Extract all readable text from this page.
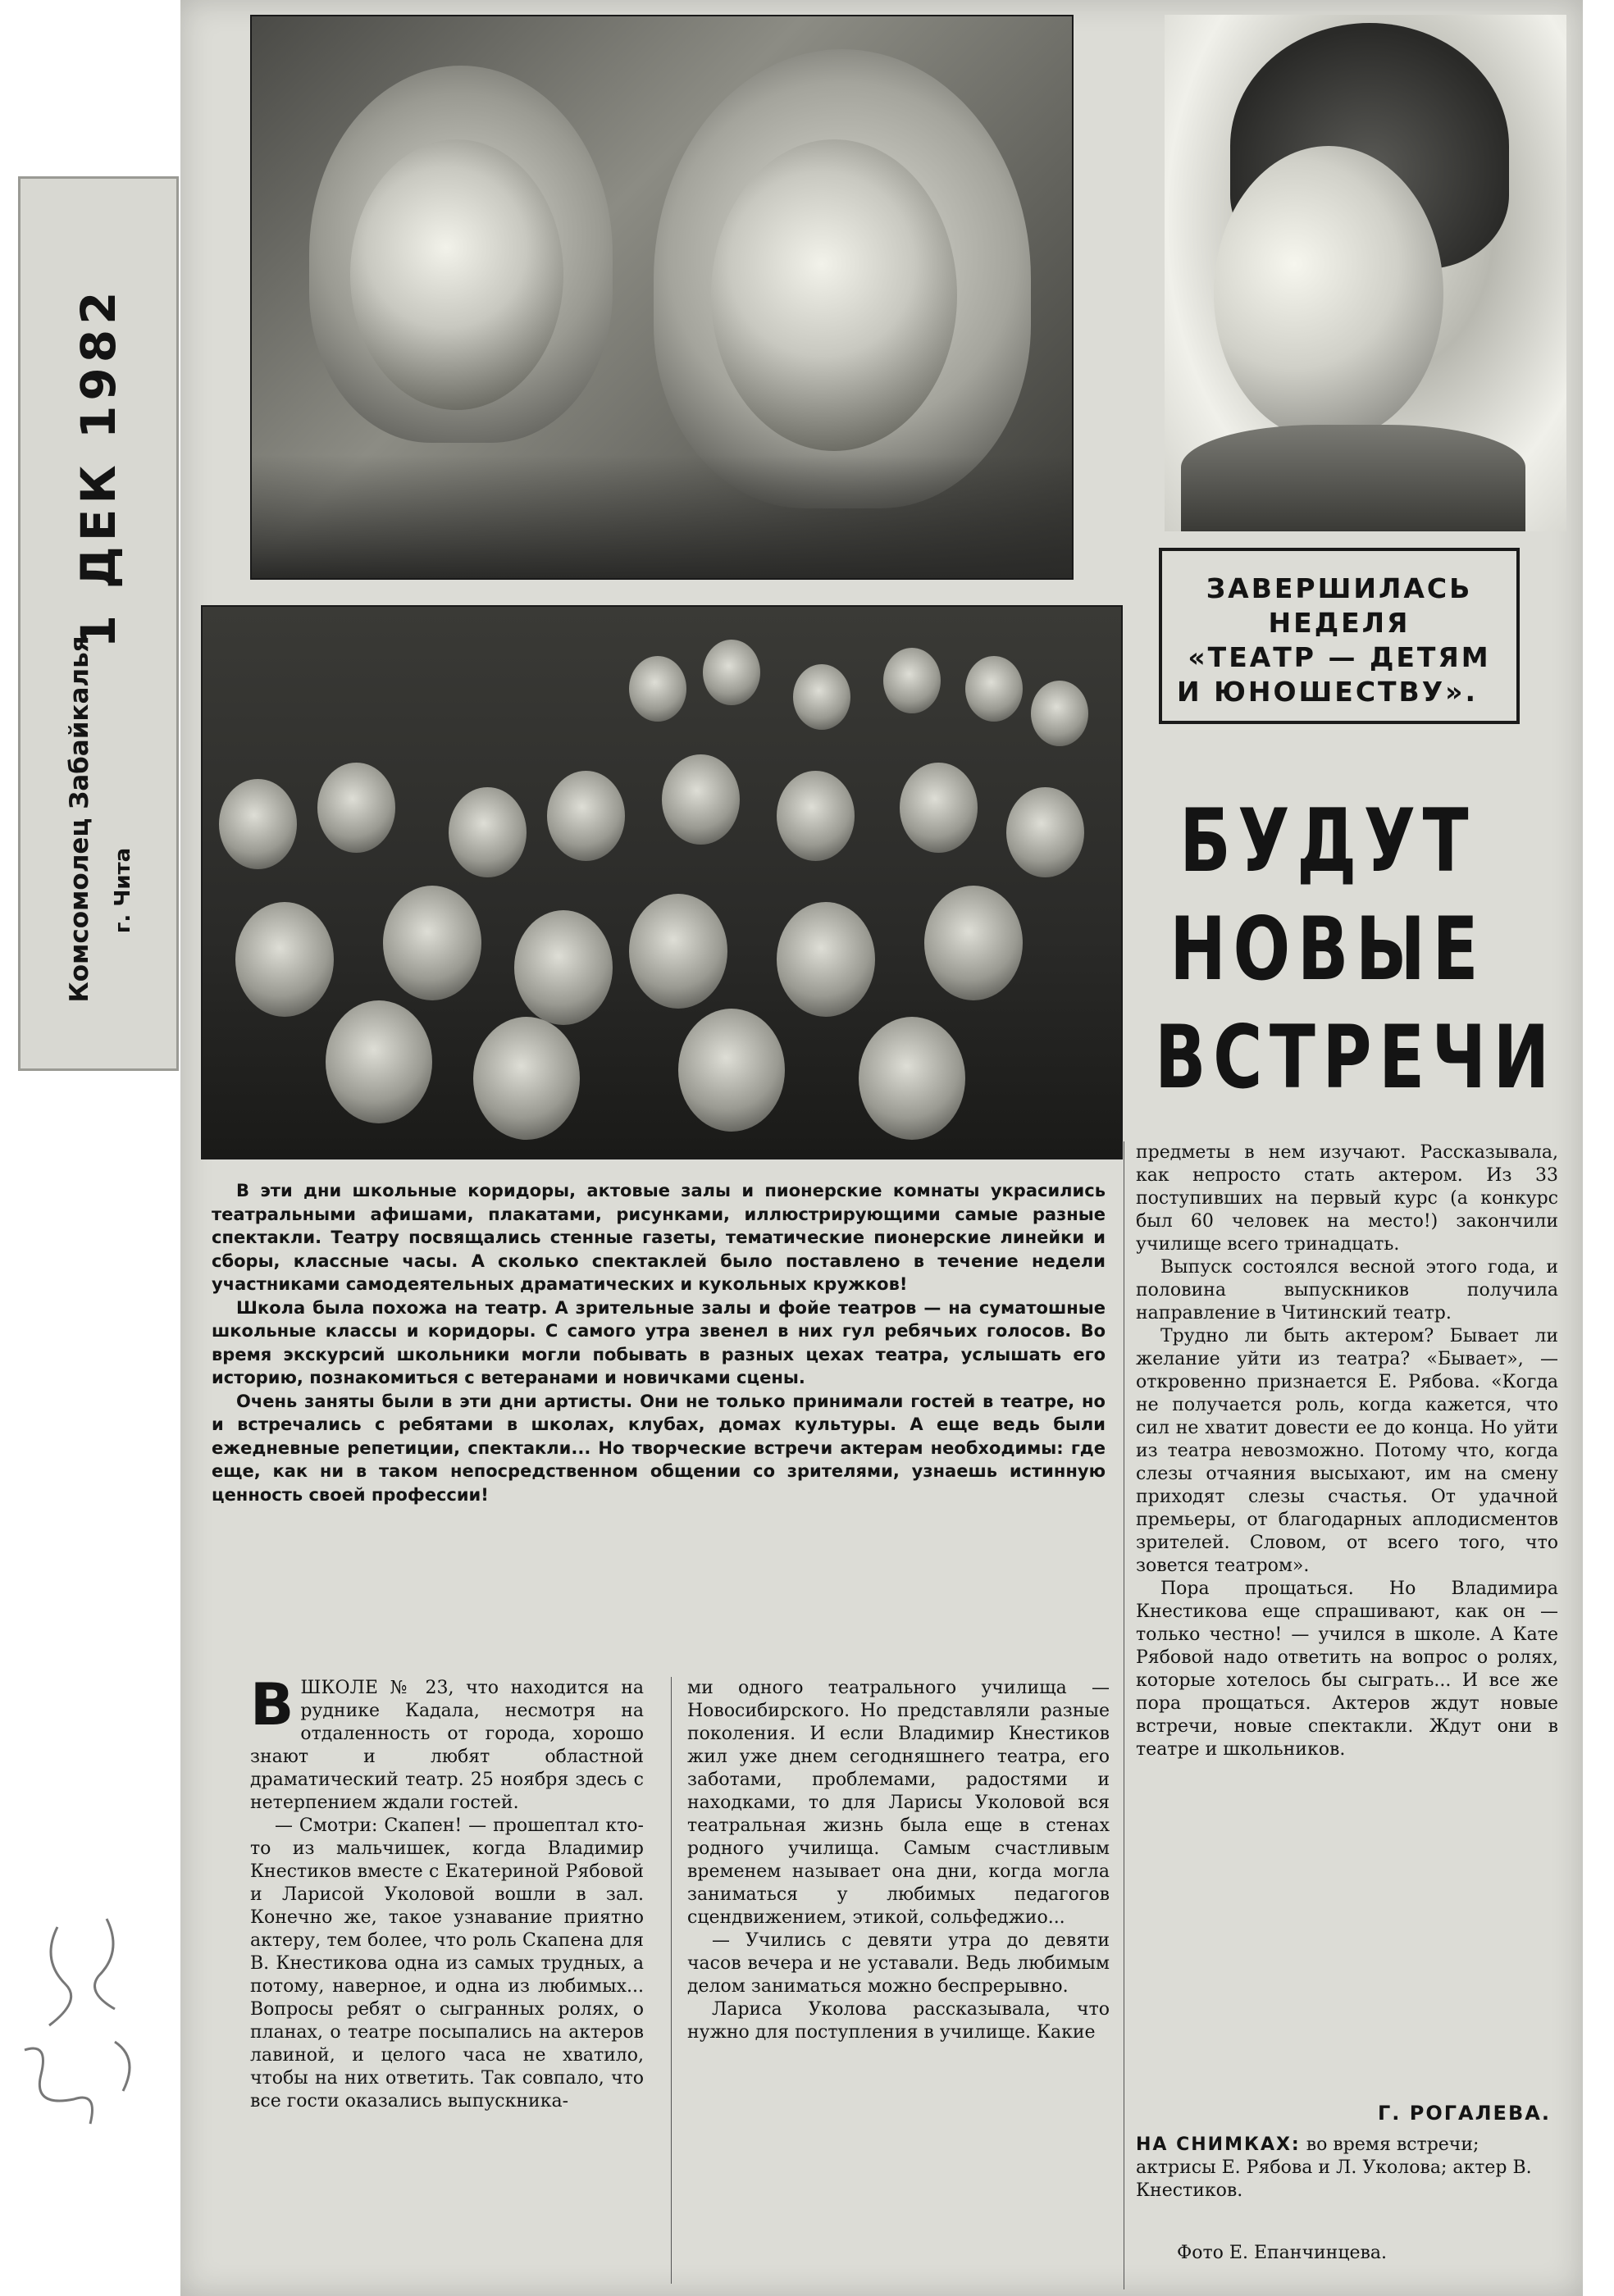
1 ДЕК 1982
Комсомолец Забайкалья г. Чита
ЗАВЕРШИЛАСЬ
НЕДЕЛЯ
«ТЕАТР — ДЕТЯМ
И ЮНОШЕСТВУ».
БУДУТ
НОВЫЕ
ВСТРЕЧИ

В эти дни школьные коридоры, актовые залы и пионерские комнаты украсились театральными афишами, плакатами, рисунками, иллюстрирующими самые разные спектакли. Театру посвящались стенные газеты, тематические пионерские линейки и сборы, классные часы. А сколько спектаклей было поставлено в течение недели участниками самодеятельных драматических и кукольных кружков!

Школа была похожа на театр. А зрительные залы и фойе театров — на суматошные школьные классы и коридоры. С самого утра звенел в них гул ребячьих голосов. Во время экскурсий школьники могли побывать в разных цехах театра, услышать его историю, познакомиться с ветеранами и новичками сцены.

Очень заняты были в эти дни артисты. Они не только принимали гостей в театре, но и встречались с ребятами в школах, клубах, домах культуры. А еще ведь были ежедневные репетиции, спектакли... Но творческие встречи актерам необходимы: где еще, как ни в таком непосредственном общении со зрителями, узнаешь истинную ценность своей профессии!

ВШКОЛЕ № 23, что находится на руднике Кадала, несмотря на отдаленность от города, хорошо знают и любят областной драматический театр. 25 ноября здесь с нетерпением ждали гостей.

— Смотри: Скапен! — прошептал кто-то из мальчишек, когда Владимир Кнестиков вместе с Екатериной Рябовой и Ларисой Уколовой вошли в зал. Конечно же, такое узнавание приятно актеру, тем более, что роль Скапена для В. Кнестикова одна из самых трудных, а потому, наверное, и одна из любимых... Вопросы ребят о сыгранных ролях, о планах, о театре посыпались на актеров лавиной, и целого часа не хватило, чтобы на них ответить. Так совпало, что все гости оказались выпускника-

ми одного театрального училища — Новосибирского. Но представляли разные поколения. И если Владимир Кнестиков жил уже днем сегодняшнего театра, его заботами, проблемами, радостями и находками, то для Ларисы Уколовой вся театральная жизнь была еще в стенах родного училища. Самым счастливым временем называет она дни, когда могла заниматься у любимых педагогов сцендвижением, этикой, сольфеджио...

— Учились с девяти утра до девяти часов вечера и не уставали. Ведь любимым делом заниматься можно беспрерывно.

Лариса Уколова рассказывала, что нужно для поступления в училище. Какие

предметы в нем изучают. Рассказывала, как непросто стать актером. Из 33 поступивших на первый курс (а конкурс был 60 человек на место!) закончили училище всего тринадцать.

Выпуск состоялся весной этого года, и половина выпускников получила направление в Читинский театр.

Трудно ли быть актером? Бывает ли желание уйти из театра? «Бывает», — откровенно признается Е. Рябова. «Когда не получается роль, когда кажется, что сил не хватит довести ее до конца. Но уйти из театра невозможно. Потому что, когда слезы отчаяния высыхают, им на смену приходят слезы счастья. От удачной премьеры, от благодарных аплодисментов зрителей. Словом, от всего того, что зовется театром».

Пора прощаться. Но Владимира Кнестикова еще спрашивают, как он — только честно! — учился в школе. А Кате Рябовой надо ответить на вопрос о ролях, которые хотелось бы сыграть... И все же пора прощаться. Актеров ждут новые встречи, новые спектакли. Ждут они в театре и школьников.

Г. РОГАЛЕВА.
НА СНИМКАХ: во время встречи; актрисы Е. Рябова и Л. Уколова; актер В. Кнестиков.
Фото Е. Епанчинцева.
